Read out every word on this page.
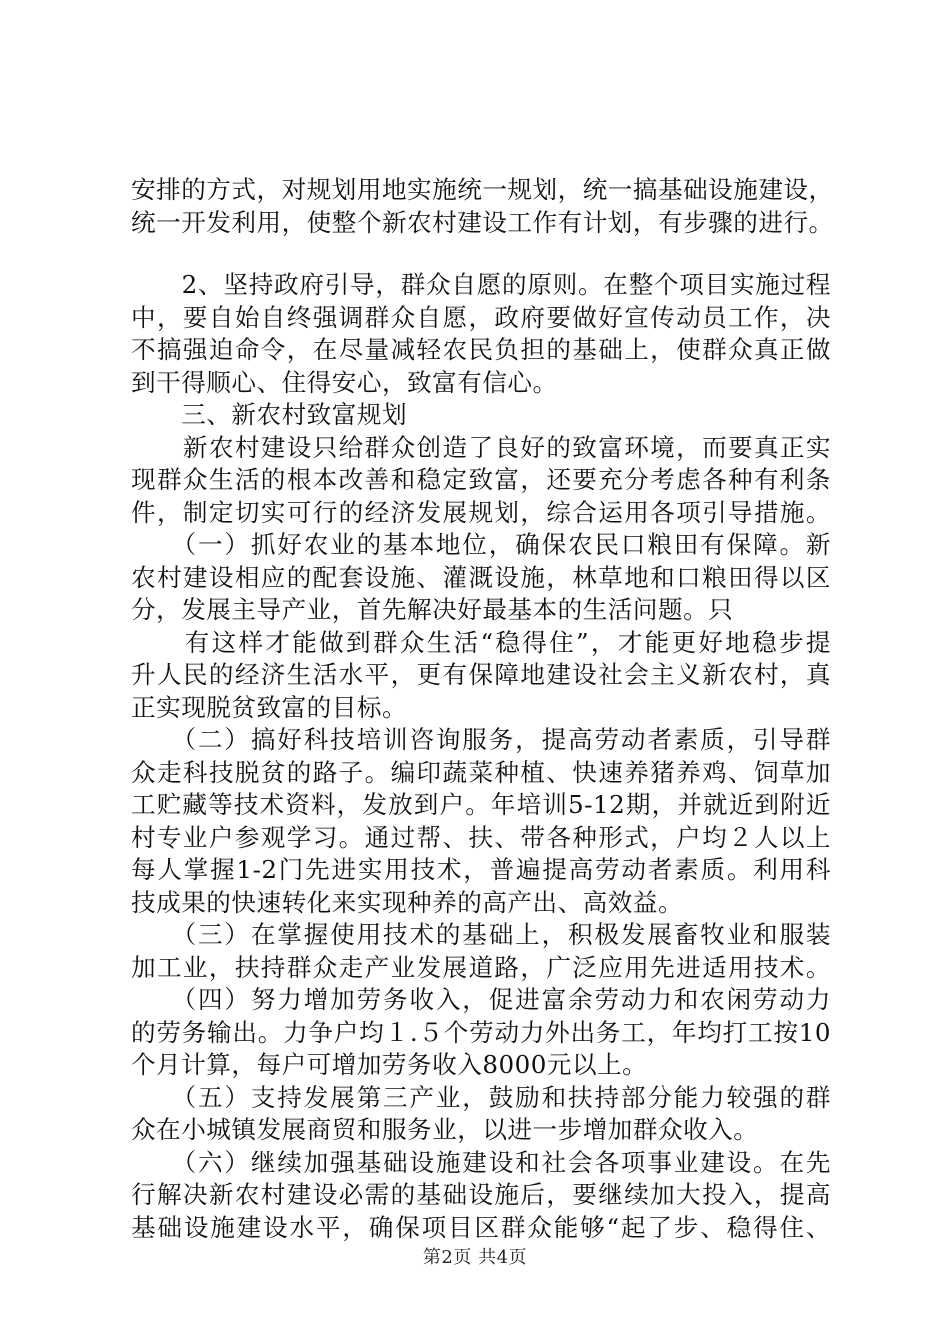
安排的方式，对规划用地实施统一规划，统一搞基础设施建设，
统一开发利用，使整个新农村建设工作有计划，有步骤的进行。
　　2、坚持政府引导，群众自愿的原则。在整个项目实施过程
中，要自始自终强调群众自愿，政府要做好宣传动员工作，决
不搞强迫命令，在尽量减轻农民负担的基础上，使群众真正做
到干得顺心、住得安心，致富有信心。
　　三、新农村致富规划
　　新农村建设只给群众创造了良好的致富环境，而要真正实
现群众生活的根本改善和稳定致富，还要充分考虑各种有利条
件，制定切实可行的经济发展规划，综合运用各项引导措施。
　　（一）抓好农业的基本地位，确保农民口粮田有保障。新
农村建设相应的配套设施、灌溉设施，林草地和口粮田得以区
分，发展主导产业，首先解决好最基本的生活问题。只
　　有这样才能做到群众生活“稳得住”，才能更好地稳步提
升人民的经济生活水平，更有保障地建设社会主义新农村，真
正实现脱贫致富的目标。
　　（二）搞好科技培训咨询服务，提高劳动者素质，引导群
众走科技脱贫的路子。编印蔬菜种植、快速养猪养鸡、饲草加
工贮藏等技术资料，发放到户。年培训5-12期，并就近到附近
村专业户参观学习。通过帮、扶、带各种形式，户均２人以上
每人掌握1-2门先进实用技术，普遍提高劳动者素质。利用科
技成果的快速转化来实现种养的高产出、高效益。
　　（三）在掌握使用技术的基础上，积极发展畜牧业和服装
加工业，扶持群众走产业发展道路，广泛应用先进适用技术。
　　（四）努力增加劳务收入，促进富余劳动力和农闲劳动力
的劳务输出。力争户均１.５个劳动力外出务工，年均打工按10
个月计算，每户可增加劳务收入8000元以上。
　　（五）支持发展第三产业，鼓励和扶持部分能力较强的群
众在小城镇发展商贸和服务业，以进一步增加群众收入。
　　（六）继续加强基础设施建设和社会各项事业建设。在先
行解决新农村建设必需的基础设施后，要继续加大投入，提高
基础设施建设水平，确保项目区群众能够“起了步、稳得住、
第2页 共4页
